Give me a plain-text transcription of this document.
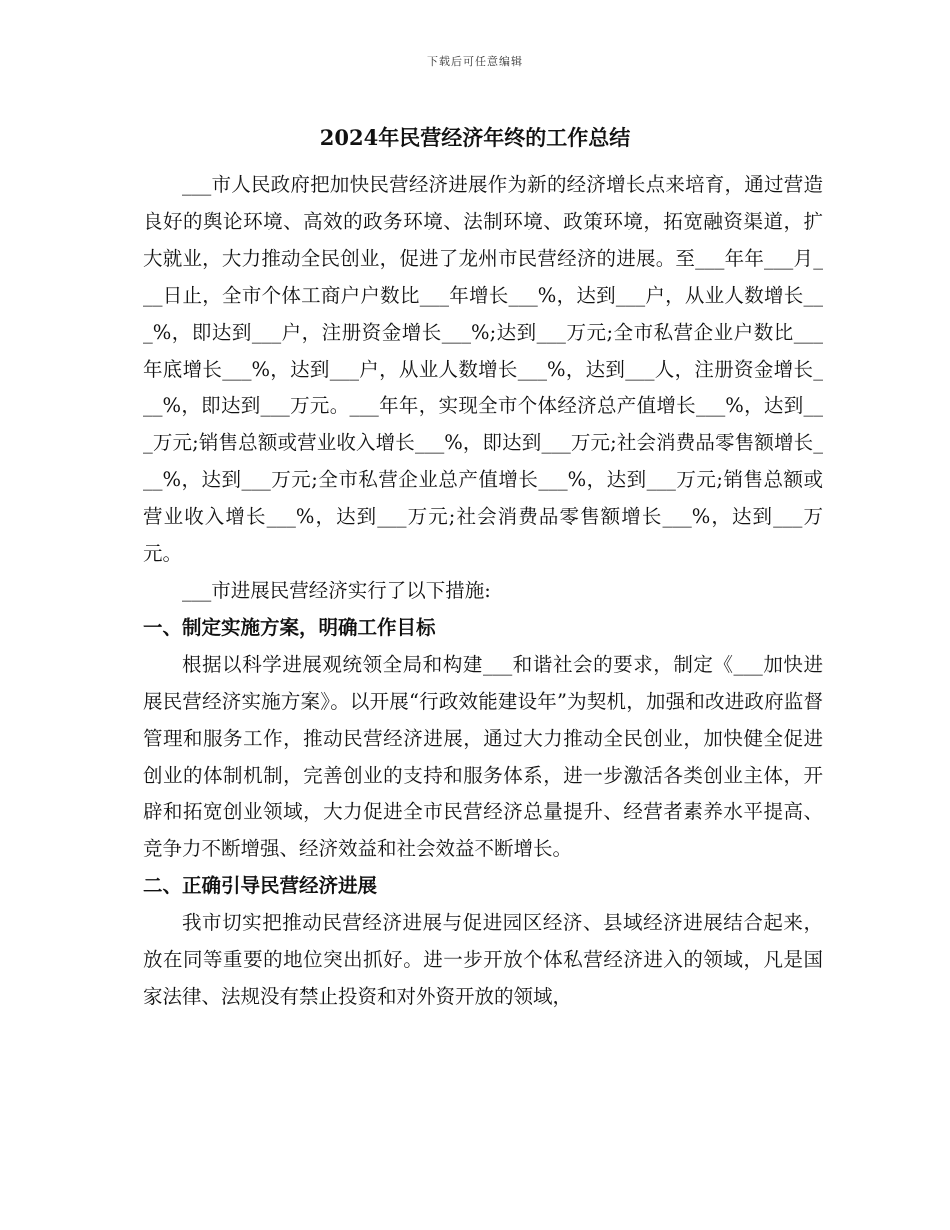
下载后可任意编辑
2024年民营经济年终的工作总结

___市人民政府把加快民营经济进展作为新的经济增长点来培育，通过营造良好的舆论环境、高效的政务环境、法制环境、政策环境，拓宽融资渠道，扩大就业，大力推动全民创业，促进了龙州市民营经济的进展。至___年年___月___日止，全市个体工商户户数比___年增长___%，达到___户，从业人数增长___%，即达到___户，注册资金增长___%;达到___万元;全市私营企业户数比___年底增长___%，达到___户，从业人数增长___%，达到___人，注册资金增长___%，即达到___万元。___年年，实现全市个体经济总产值增长___%，达到___万元;销售总额或营业收入增长___%，即达到___万元;社会消费品零售额增长___%，达到___万元;全市私营企业总产值增长___%，达到___万元;销售总额或营业收入增长___%，达到___万元;社会消费品零售额增长___%，达到___万元。

___市进展民营经济实行了以下措施:

一、制定实施方案，明确工作目标

根据以科学进展观统领全局和构建___和谐社会的要求，制定《___加快进展民营经济实施方案》。以开展“行政效能建设年”为契机，加强和改进政府监督管理和服务工作，推动民营经济进展，通过大力推动全民创业，加快健全促进创业的体制机制，完善创业的支持和服务体系，进一步激活各类创业主体，开辟和拓宽创业领域，大力促进全市民营经济总量提升、经营者素养水平提高、竞争力不断增强、经济效益和社会效益不断增长。

二、正确引导民营经济进展

我市切实把推动民营经济进展与促进园区经济、县域经济进展结合起来，放在同等重要的地位突出抓好。进一步开放个体私营经济进入的领域，凡是国家法律、法规没有禁止投资和对外资开放的领域，
